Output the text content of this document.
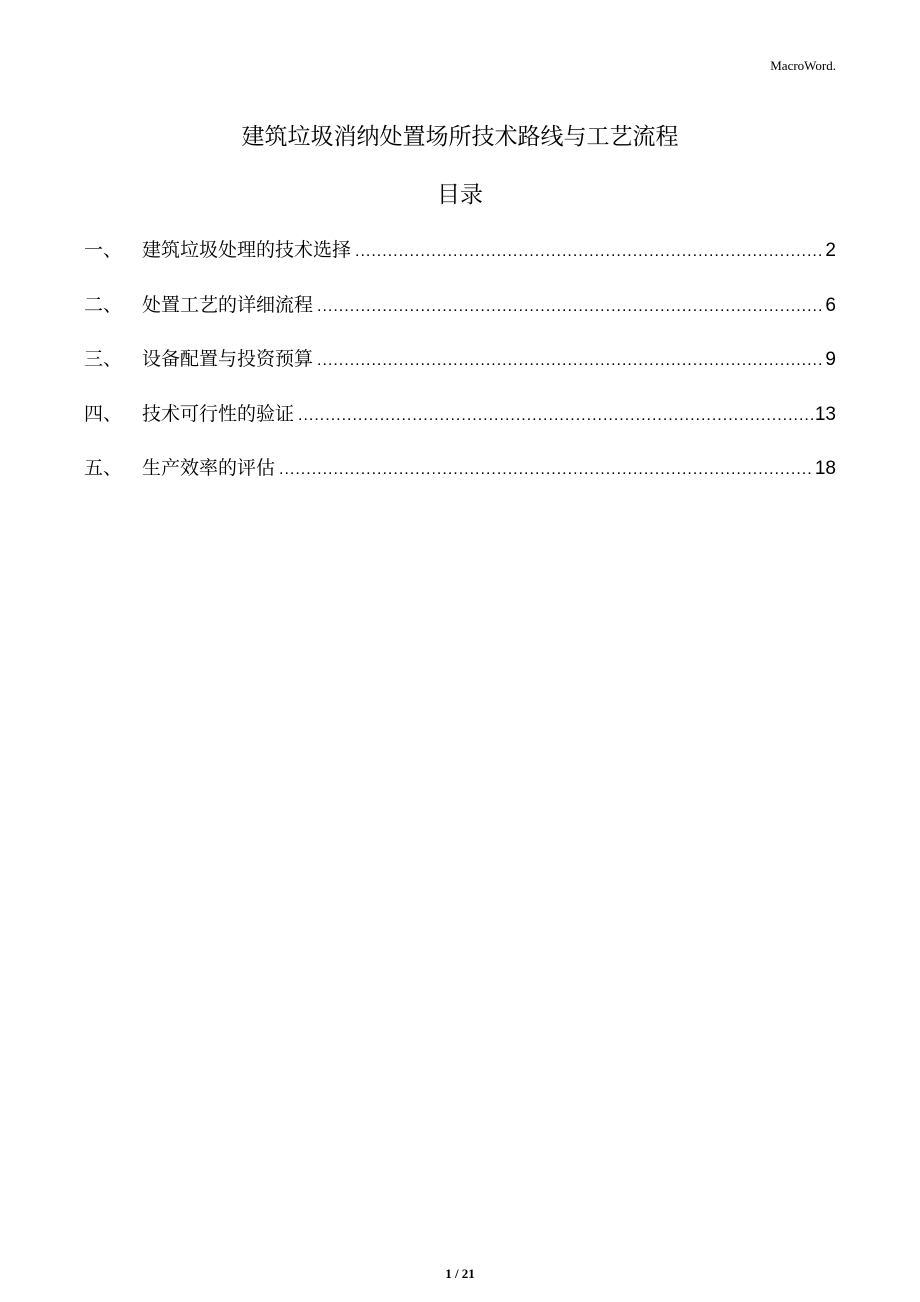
MacroWord.
建筑垃圾消纳处置场所技术路线与工艺流程
目录
一、	建筑垃圾处理的技术选择 .....	2
二、	处置工艺的详细流程 .....	6
三、	设备配置与投资预算 .....	9
四、	技术可行性的验证 .....	13
五、	生产效率的评估 .....	18
1 / 21
